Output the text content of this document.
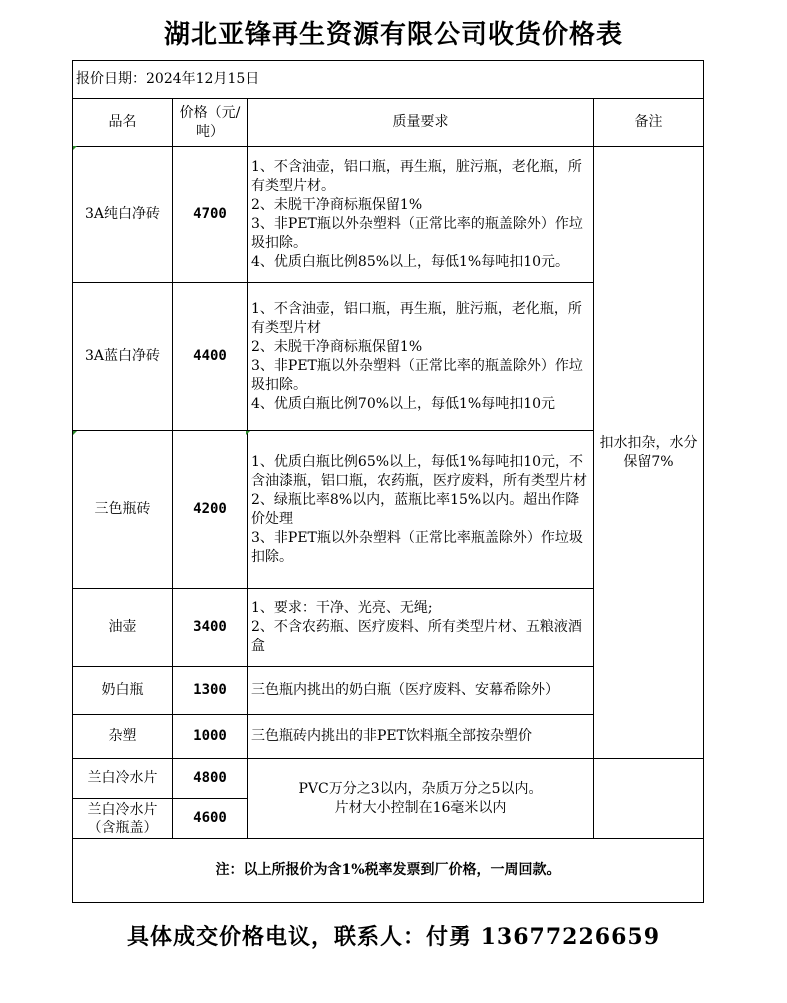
湖北亚锋再生资源有限公司收货价格表
报价日期：2024年12月15日			
品名	价格（元/吨）	质量要求	备注
3A纯白净砖	4700	1、不含油壶，铝口瓶，再生瓶，脏污瓶，老化瓶，所有类型片材。
2、未脱干净商标瓶保留1%
3、非PET瓶以外杂塑料（正常比率的瓶盖除外）作垃圾扣除。
4、优质白瓶比例85%以上，每低1%每吨扣10元。	扣水扣杂，水分保留7%
3A蓝白净砖	4400	1、不含油壶，铝口瓶，再生瓶，脏污瓶，老化瓶，所有类型片材
2、未脱干净商标瓶保留1%
3、非PET瓶以外杂塑料（正常比率的瓶盖除外）作垃圾扣除。
4、优质白瓶比例70%以上，每低1%每吨扣10元	

三色瓶砖	4200	1、优质白瓶比例65%以上，每低1%每吨扣10元，不含油漆瓶，铝口瓶，农药瓶，医疗废料，所有类型片材
2、绿瓶比率8%以内，蓝瓶比率15%以内。超出作降价处理
3、非PET瓶以外杂塑料（正常比率瓶盖除外）作垃圾扣除。	

油壶	3400	1、要求：干净、光亮、无绳;
2、不含农药瓶、医疗废料、所有类型片材、五粮液酒盒	

奶白瓶	1300	三色瓶内挑出的奶白瓶（医疗废料、安幕希除外）	

杂塑	1000	三色瓶砖内挑出的非PET饮料瓶全部按杂塑价	

兰白冷水片	4800	PVC万分之3以内，杂质万分之5以内。
片材大小控制在16毫米以内	

兰白冷水片（含瓶盖）	4600		
注：以上所报价为含1%税率发票到厂价格，一周回款。			
具体成交价格电议，联系人：付勇 13677226659
